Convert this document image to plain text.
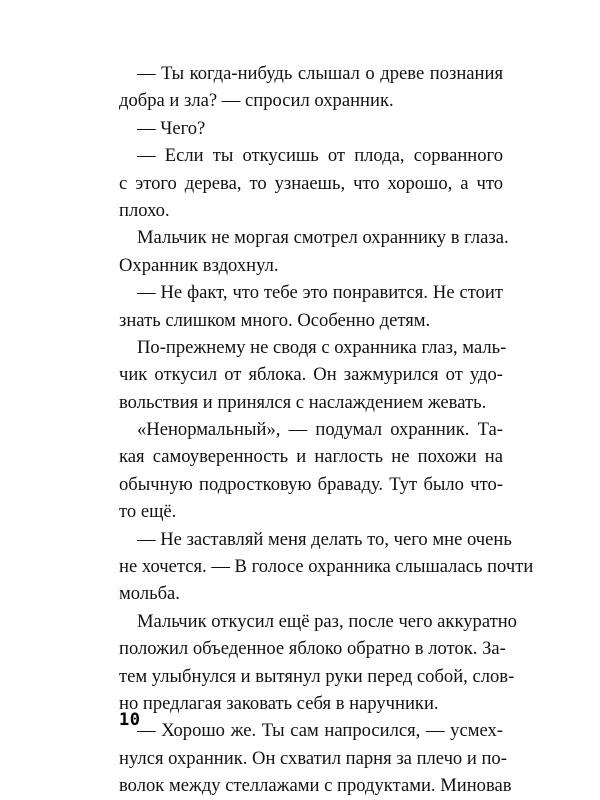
— Ты когда-нибудь слышал о древе познания
добра и зла? — спросил охранник.
— Чего?
— Если ты откусишь от плода, сорванного
с этого дерева, то узнаешь, что хорошо, а что
плохо.
Мальчик не моргая смотрел охраннику в глаза.
Охранник вздохнул.
— Не факт, что тебе это понравится. Не стоит
знать слишком много. Особенно детям.
По-прежнему не сводя с охранника глаз, маль-
чик откусил от яблока. Он зажмурился от удо-
вольствия и принялся с наслаждением жевать.
«Ненормальный», — подумал охранник. Та-
кая самоуверенность и наглость не похожи на
обычную подростковую браваду. Тут было что-
то ещё.
— Не заставляй меня делать то, чего мне очень
не хочется. — В голосе охранника слышалась почти
мольба.
Мальчик откусил ещё раз, после чего аккуратно
положил объеденное яблоко обратно в лоток. За-
тем улыбнулся и вытянул руки перед собой, слов-
но предлагая заковать себя в наручники.
— Хорошо же. Ты сам напросился, — усмех-
нулся охранник. Он схватил парня за плечо и по-
волок между стеллажами с продуктами. Миновав
10
